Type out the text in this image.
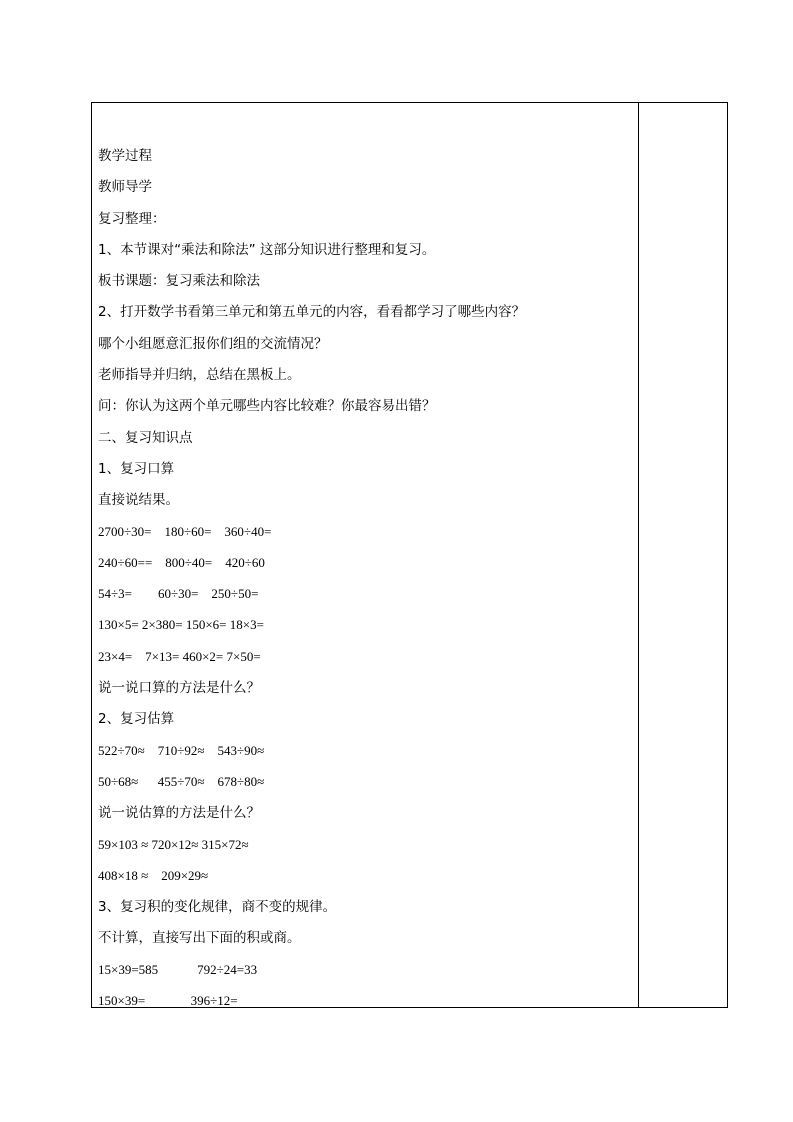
教学过程
教师导学
复习整理：
1、本节课对“乘法和除法” 这部分知识进行整理和复习。
板书课题：复习乘法和除法
2、打开数学书看第三单元和第五单元的内容，看看都学习了哪些内容？
哪个小组愿意汇报你们组的交流情况？
老师指导并归纳，总结在黑板上。
问：你认为这两个单元哪些内容比较难？你最容易出错？
二、复习知识点
1、复习口算
直接说结果。
2700÷30=    180÷60=    360÷40=
240÷60==    800÷40=    420÷60
54÷3=        60÷30=    250÷50=
130×5= 2×380= 150×6= 18×3=
23×4=    7×13= 460×2= 7×50=
说一说口算的方法是什么？
2、复习估算
522÷70≈    710÷92≈    543÷90≈
50÷68≈      455÷70≈    678÷80≈
说一说估算的方法是什么？
59×103 ≈ 720×12≈ 315×72≈
408×18 ≈    209×29≈
3、复习积的变化规律，商不变的规律。
不计算，直接写出下面的积或商。
15×39=585            792÷24=33
150×39=              396÷12=
